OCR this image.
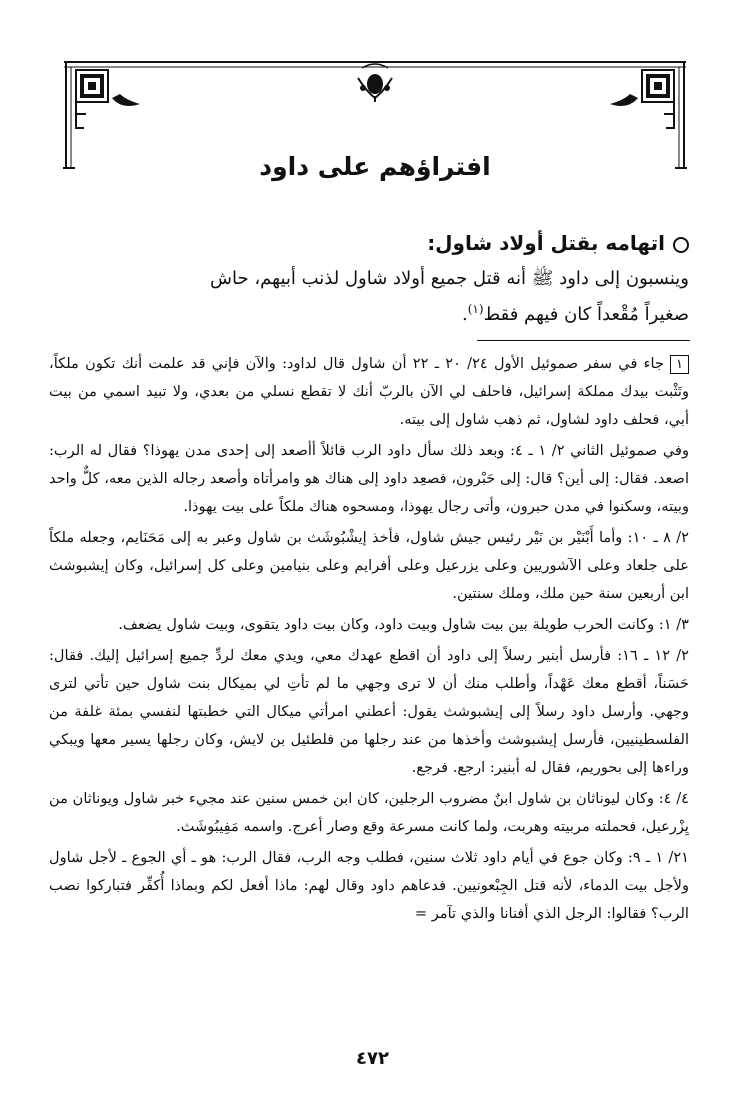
افتراؤهم على داود
اتهامه بقتل أولاد شاول:

وينسبون إلى داود ﷺ أنه قتل جميع أولاد شاول لذنب أبيهم، حاش

صغيراً مُقْعداً كان فيهم فقط$^{(١)}$.

١جاء في سفر صموئيل الأول ٢٤/ ٢٠ ـ ٢٢ أن شاول قال لداود: والآن فإني قد علمت أنك تكون ملكاً، وتَثْبت بيدك مملكة إسرائيل، فاحلف لي الآن بالربّ أنك لا تقطع نسلي من بعدي، ولا تبيد اسمي من بيت أبي، فحلف داود لشاول، ثم ذهب شاول إلى بيته.

وفي صموئيل الثاني ٢/ ١ ـ ٤: وبعد ذلك سأل داود الرب قائلاً أأصعد إلى إحدى مدن يهوذا؟ فقال له الرب: اصعد. فقال: إلى أين؟ قال: إلى حَبْرون، فصعِد داود إلى هناك هو وامرأتاه وأصعد رجاله الذين معه، كلٌّ واحد وبيته، وسكنوا في مدن حبرون، وأتى رجال يهوذا، ومسحوه هناك ملكاً على بيت يهوذا.

٢/ ٨ ـ ١٠: وأما أَبْنَيْر بن نَيْر رئيس جيش شاول، فأخذ إيشْبُوشَث بن شاول وعبر به إلى مَحَنَايم، وجعله ملكاً على جلعاد وعلى الآشوريين وعلى يزرعيل وعلى أفرايم وعلى بنيامين وعلى كل إسرائيل، وكان إيشبوشث ابن أربعين سنة حين ملك، وملك سنتين.

٣/ ١: وكانت الحرب طويلة بين بيت شاول وبيت داود، وكان بيت داود يتقوى، وبيت شاول يضعف.

٢/ ١٢ ـ ١٦: فأرسل أبنير رسلاً إلى داود أن اقطع عهدك معي، ويدي معك لردِّ جميع إسرائيل إليك. فقال: حَسَناً، أقطع معك عَهْداً، وأطلب منك أن لا ترى وجهي ما لم تأتِ لي بميكال بنت شاول حين تأتي لترى وجهي. وأرسل داود رسلاً إلى إيشبوشث يقول: أعطني امرأتي ميكال التي خطبتها لنفسي بمئة غلفة من الفلسطينيين، فأرسل إيشبوشث وأخذها من عند رجلها من فلطئيل بن لايش، وكان رجلها يسير معها ويبكي وراءها إلى بحوريم، فقال له أبنير: ارجع. فرجع.

٤/ ٤: وكان ليوناثان بن شاول ابنٌ مضروب الرجلين، كان ابن خمس سنين عند مجيء خبر شاول ويوناثان من يِزْرعيل، فحملته مربيته وهربت، ولما كانت مسرعة وقع وصار أعرج. واسمه مَفِيبُوشَث.

٢١/ ١ ـ ٩: وكان جوع في أيام داود ثلاث سنين، فطلب وجه الرب، فقال الرب: هو ـ أي الجوع ـ لأجل شاول ولأجل بيت الدماء، لأنه قتل الجِبْعونيين. فدعاهم داود وقال لهم: ماذا أفعل لكم وبماذا أُكفِّر فتباركوا نصب الرب؟ فقالوا: الرجل الذي أفنانا والذي تآمر =

٤٧٢
